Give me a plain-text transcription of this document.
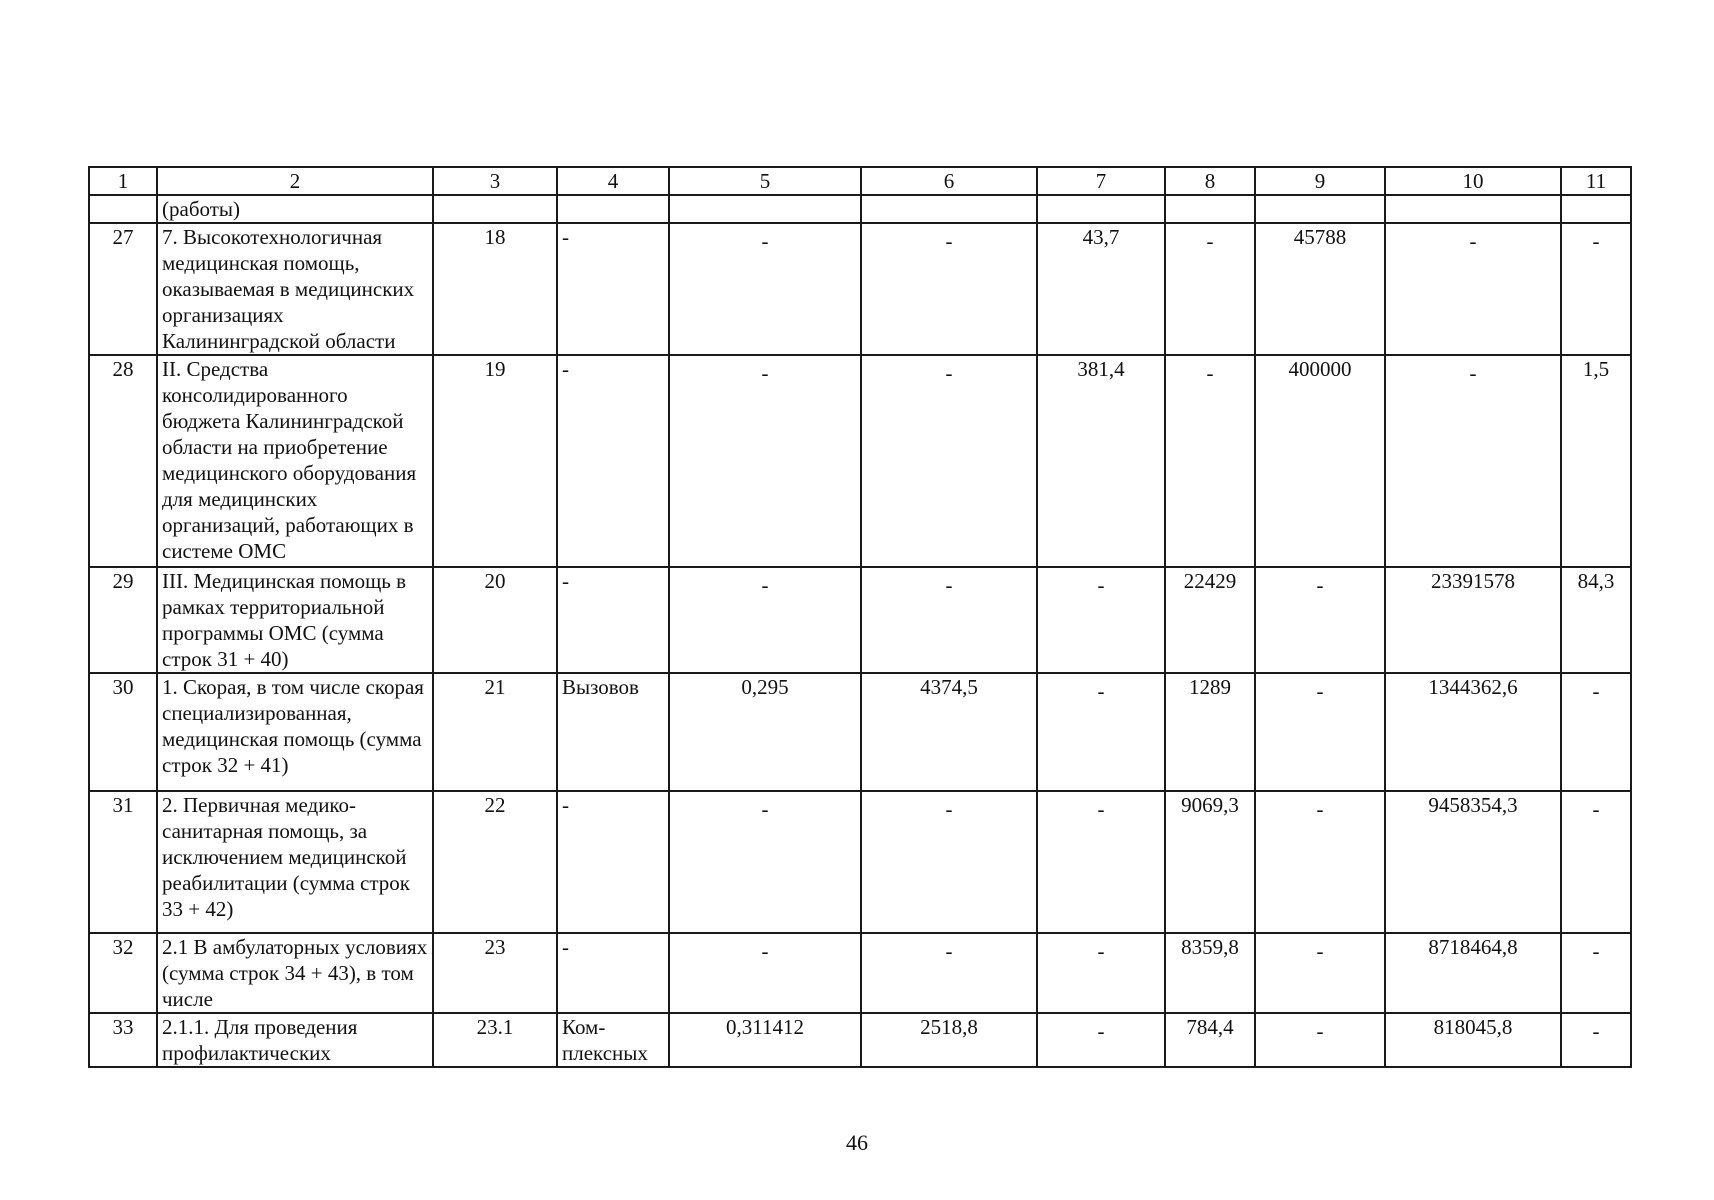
1	2	3	4	5	6	7	8	9	10	11
	(работы)									
27	7. Высокотехнологичная медицинская помощь, оказываемая в медицинских организациях Калининградской области	18	-	-	-	43,7	-	45788	-	-
28	II. Средства консолидированного бюджета Калининградской области на приобретение медицинского оборудования для медицинских организаций, работающих в системе ОМС	19	-	-	-	381,4	-	400000	-	1,5
29	III. Медицинская помощь в рамках территориальной программы ОМС (сумма строк 31 + 40)	20	-	-	-	-	22429	-	23391578	84,3
30	1. Скорая, в том числе скорая специализированная, медицинская помощь (сумма строк 32 + 41)	21	Вызовов	0,295	4374,5	-	1289	-	1344362,6	-
31	2. Первичная медико-санитарная помощь, за исключением медицинской реабилитации (сумма строк 33 + 42)	22	-	-	-	-	9069,3	-	9458354,3	-
32	2.1 В амбулаторных условиях (сумма строк 34 + 43), в том числе	23	-	-	-	-	8359,8	-	8718464,8	-
33	2.1.1. Для проведения профилактических	23.1	Ком-плексных	0,311412	2518,8	-	784,4	-	818045,8	-
46
